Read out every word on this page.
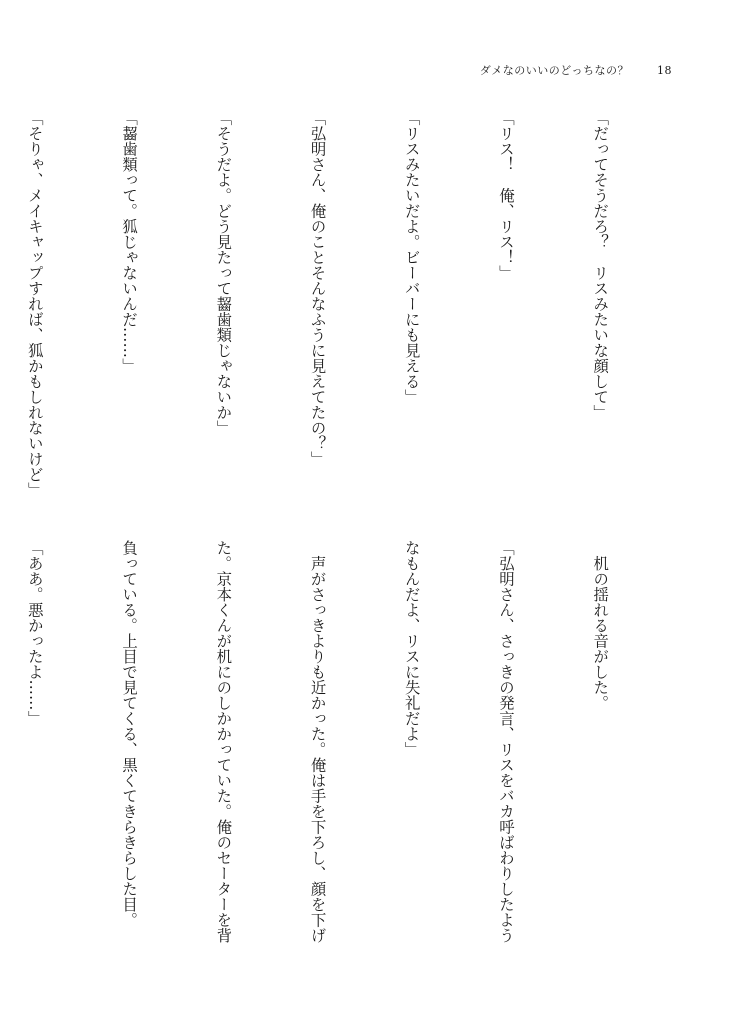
ダメなのいいのどっちなの？	18

「だってそうだろ？　リスみたいな顔して」

「リス！　俺、リス！」

「リスみたいだよ。ビーバーにも見える」

「弘明さん、俺のことそんなふうに見えてたの？」

「そうだよ。どう見たって齧歯類じゃないか」

「齧歯類って。狐じゃないんだ……」

「そりゃ、メイキャップすれば、狐かもしれないけど」

　机の揺れる音がした。

「弘明さん、さっきの発言、リスをバカ呼ばわりしたよう

なもんだよ、リスに失礼だよ」

　声がさっきよりも近かった。俺は手を下ろし、顔を下げ

た。京本くんが机にのしかかっていた。俺のセーターを背

負っている。上目で見てくる、黒くてきらきらした目。

「ああ。悪かったよ……」
